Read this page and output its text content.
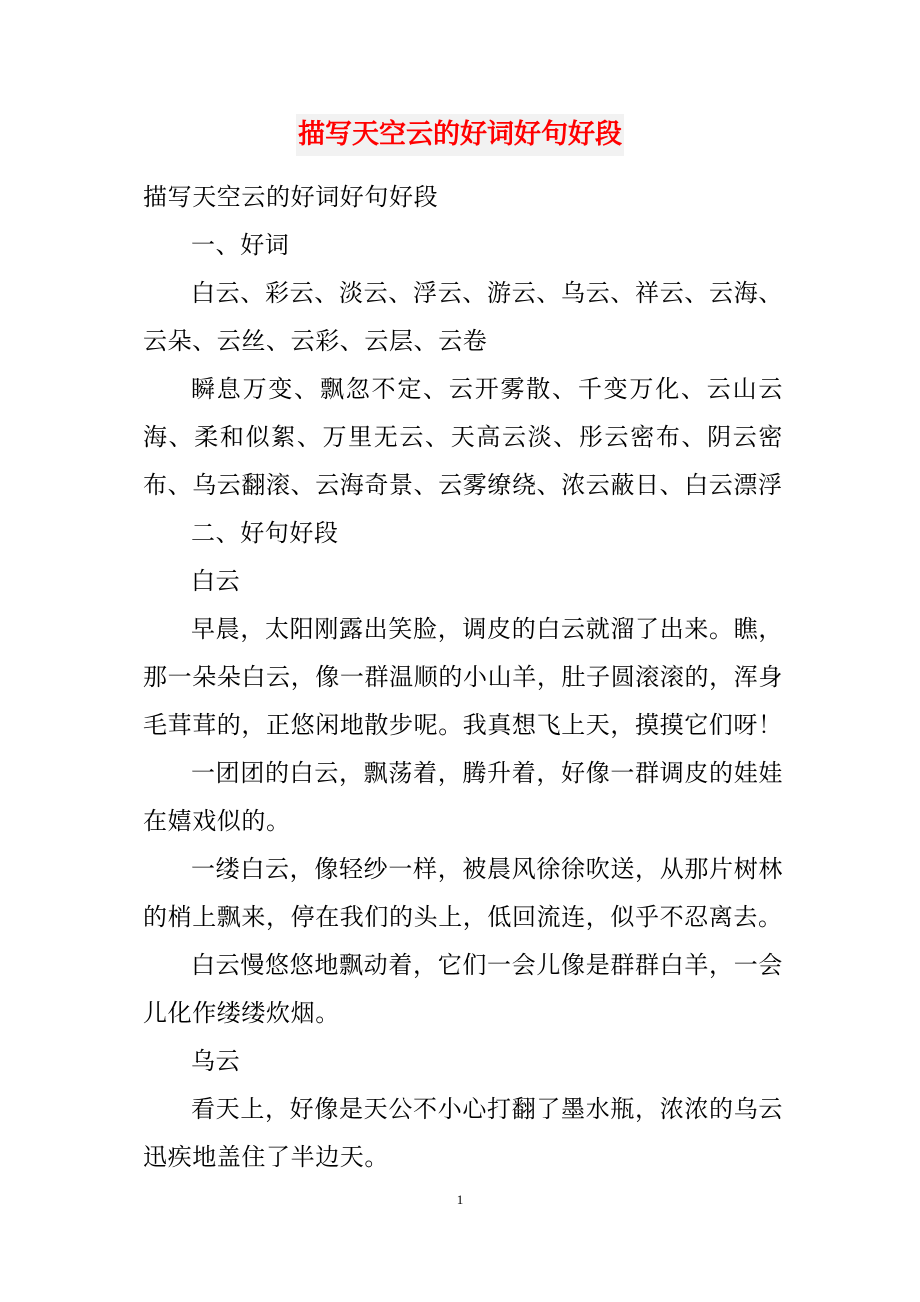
描写天空云的好词好句好段

描写天空云的好词好句好段

一、好词

白云、彩云、淡云、浮云、游云、乌云、祥云、云海、云朵、云丝、云彩、云层、云卷

瞬息万变、飘忽不定、云开雾散、千变万化、云山云海、柔和似絮、万里无云、天高云淡、彤云密布、阴云密布、乌云翻滚、云海奇景、云雾缭绕、浓云蔽日、白云漂浮

二、好句好段

白云

早晨，太阳刚露出笑脸，调皮的白云就溜了出来。瞧，那一朵朵白云，像一群温顺的小山羊，肚子圆滚滚的，浑身毛茸茸的，正悠闲地散步呢。我真想飞上天，摸摸它们呀！

一团团的白云，飘荡着，腾升着，好像一群调皮的娃娃在嬉戏似的。

一缕白云，像轻纱一样，被晨风徐徐吹送，从那片树林的梢上飘来，停在我们的头上，低回流连，似乎不忍离去。

白云慢悠悠地飘动着，它们一会儿像是群群白羊，一会儿化作缕缕炊烟。

乌云

看天上，好像是天公不小心打翻了墨水瓶，浓浓的乌云迅疾地盖住了半边天。

1
